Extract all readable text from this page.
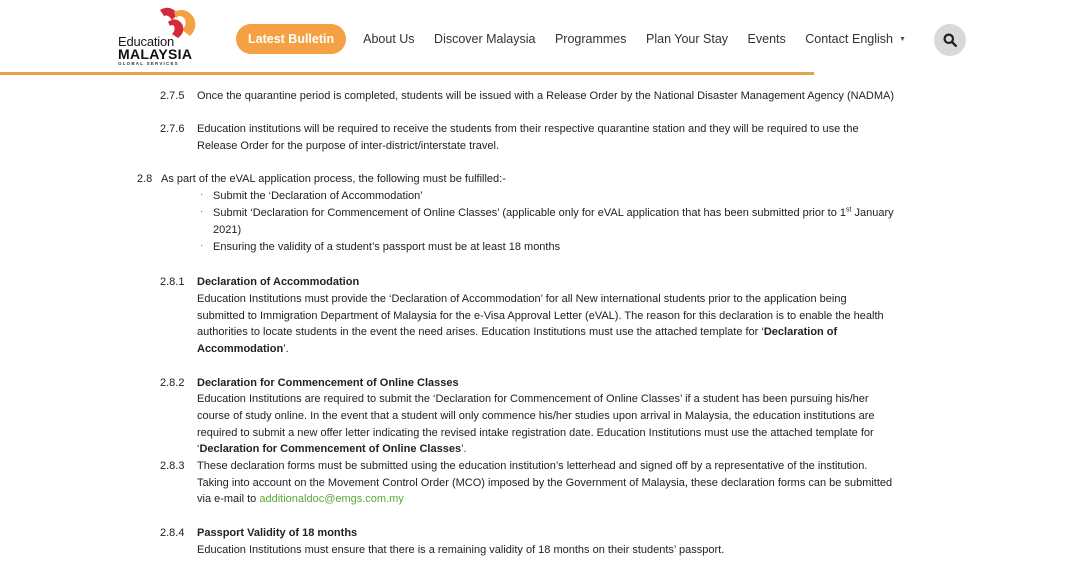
Education
MALAYSIA
GLOBAL SERVICES
Latest Bulletin	About Us Discover Malaysia Programmes Plan Your Stay Events Contact English ▼
2.7.5 Once the quarantine period is completed, students will be issued with a Release Order by the National Disaster Management Agency (NADMA)
2.7.6 Education institutions will be required to receive the students from their respective quarantine station and they will be required to use the
Release Order for the purpose of inter-district/interstate travel.
2.8 As part of the eVAL application process, the following must be fulfilled:-
· Submit the ‘Declaration of Accommodation’
· Submit ‘Declaration for Commencement of Online Classes’ (applicable only for eVAL application that has been submitted prior to 1st January
2021)
· Ensuring the validity of a student’s passport must be at least 18 months
2.8.1 Declaration of Accommodation
Education Institutions must provide the ‘Declaration of Accommodation’ for all New international students prior to the application being
submitted to Immigration Department of Malaysia for the e-Visa Approval Letter (eVAL). The reason for this declaration is to enable the health
authorities to locate students in the event the need arises. Education Institutions must use the attached template for ‘Declaration of
Accommodation’.
2.8.2 Declaration for Commencement of Online Classes
Education Institutions are required to submit the ‘Declaration for Commencement of Online Classes’ if a student has been pursuing his/her
course of study online. In the event that a student will only commence his/her studies upon arrival in Malaysia, the education institutions are
required to submit a new offer letter indicating the revised intake registration date. Education Institutions must use the attached template for
‘Declaration for Commencement of Online Classes’.
2.8.3 These declaration forms must be submitted using the education institution’s letterhead and signed off by a representative of the institution.
Taking into account on the Movement Control Order (MCO) imposed by the Government of Malaysia, these declaration forms can be submitted
via e-mail to additionaldoc@emgs.com.my
2.8.4 Passport Validity of 18 months
Education Institutions must ensure that there is a remaining validity of 18 months on their students’ passport.
